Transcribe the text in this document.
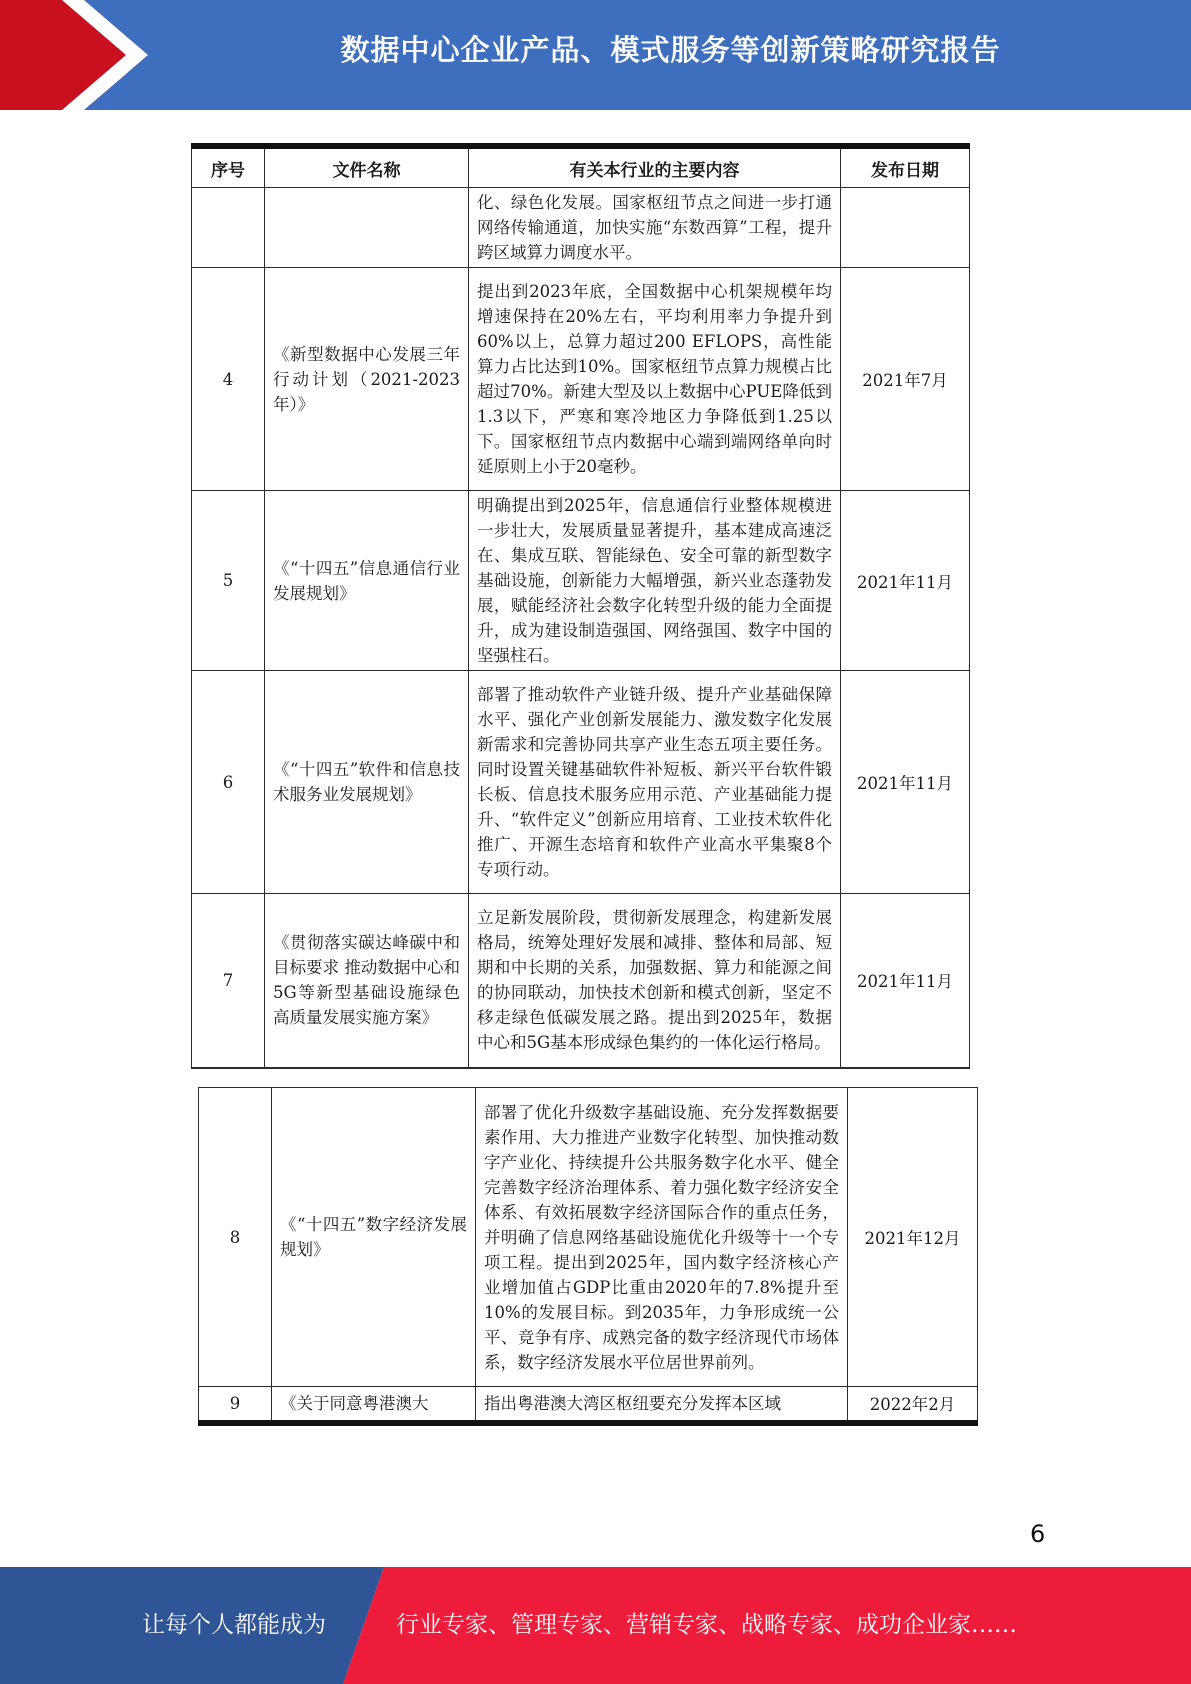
数据中心企业产品、模式服务等创新策略研究报告
序号	文件名称	有关本行业的主要内容	发布日期
		化、绿色化发展。国家枢纽节点之间进一步打通网络传输通道，加快实施“东数西算”工程，提升跨区域算力调度水平。	
4	《新型数据中心发展三年行动计划（2021-2023年）》	提出到2023年底，全国数据中心机架规模年均增速保持在20%左右，平均利用率力争提升到60%以上，总算力超过200 EFLOPS，高性能算力占比达到10%。国家枢纽节点算力规模占比超过70%。新建大型及以上数据中心PUE降低到1.3以下，严寒和寒冷地区力争降低到1.25以下。国家枢纽节点内数据中心端到端网络单向时延原则上小于20毫秒。	2021年7月
5	《“十四五”信息通信行业发展规划》	明确提出到2025年，信息通信行业整体规模进一步壮大，发展质量显著提升，基本建成高速泛在、集成互联、智能绿色、安全可靠的新型数字基础设施，创新能力大幅增强，新兴业态蓬勃发展，赋能经济社会数字化转型升级的能力全面提升，成为建设制造强国、网络强国、数字中国的坚强柱石。	2021年11月
6	《“十四五”软件和信息技术服务业发展规划》	部署了推动软件产业链升级、提升产业基础保障水平、强化产业创新发展能力、激发数字化发展新需求和完善协同共享产业生态五项主要任务。同时设置关键基础软件补短板、新兴平台软件锻长板、信息技术服务应用示范、产业基础能力提升、“软件定义”创新应用培育、工业技术软件化推广、开源生态培育和软件产业高水平集聚8个专项行动。	2021年11月
7	《贯彻落实碳达峰碳中和目标要求 推动数据中心和5G等新型基础设施绿色高质量发展实施方案》	立足新发展阶段，贯彻新发展理念，构建新发展格局，统筹处理好发展和减排、整体和局部、短期和中长期的关系，加强数据、算力和能源之间的协同联动，加快技术创新和模式创新，坚定不移走绿色低碳发展之路。提出到2025年，数据中心和5G基本形成绿色集约的一体化运行格局。	2021年11月
8	《“十四五”数字经济发展规划》	部署了优化升级数字基础设施、充分发挥数据要素作用、大力推进产业数字化转型、加快推动数字产业化、持续提升公共服务数字化水平、健全完善数字经济治理体系、着力强化数字经济安全体系、有效拓展数字经济国际合作的重点任务，并明确了信息网络基础设施优化升级等十一个专项工程。提出到2025年，国内数字经济核心产业增加值占GDP比重由2020年的7.8%提升至10%的发展目标。到2035年，力争形成统一公平、竞争有序、成熟完备的数字经济现代市场体系，数字经济发展水平位居世界前列。	2021年12月
9	《关于同意粤港澳大	指出粤港澳大湾区枢纽要充分发挥本区域	2022年2月
6
让每个人都能成为	行业专家、管理专家、营销专家、战略专家、成功企业家……
